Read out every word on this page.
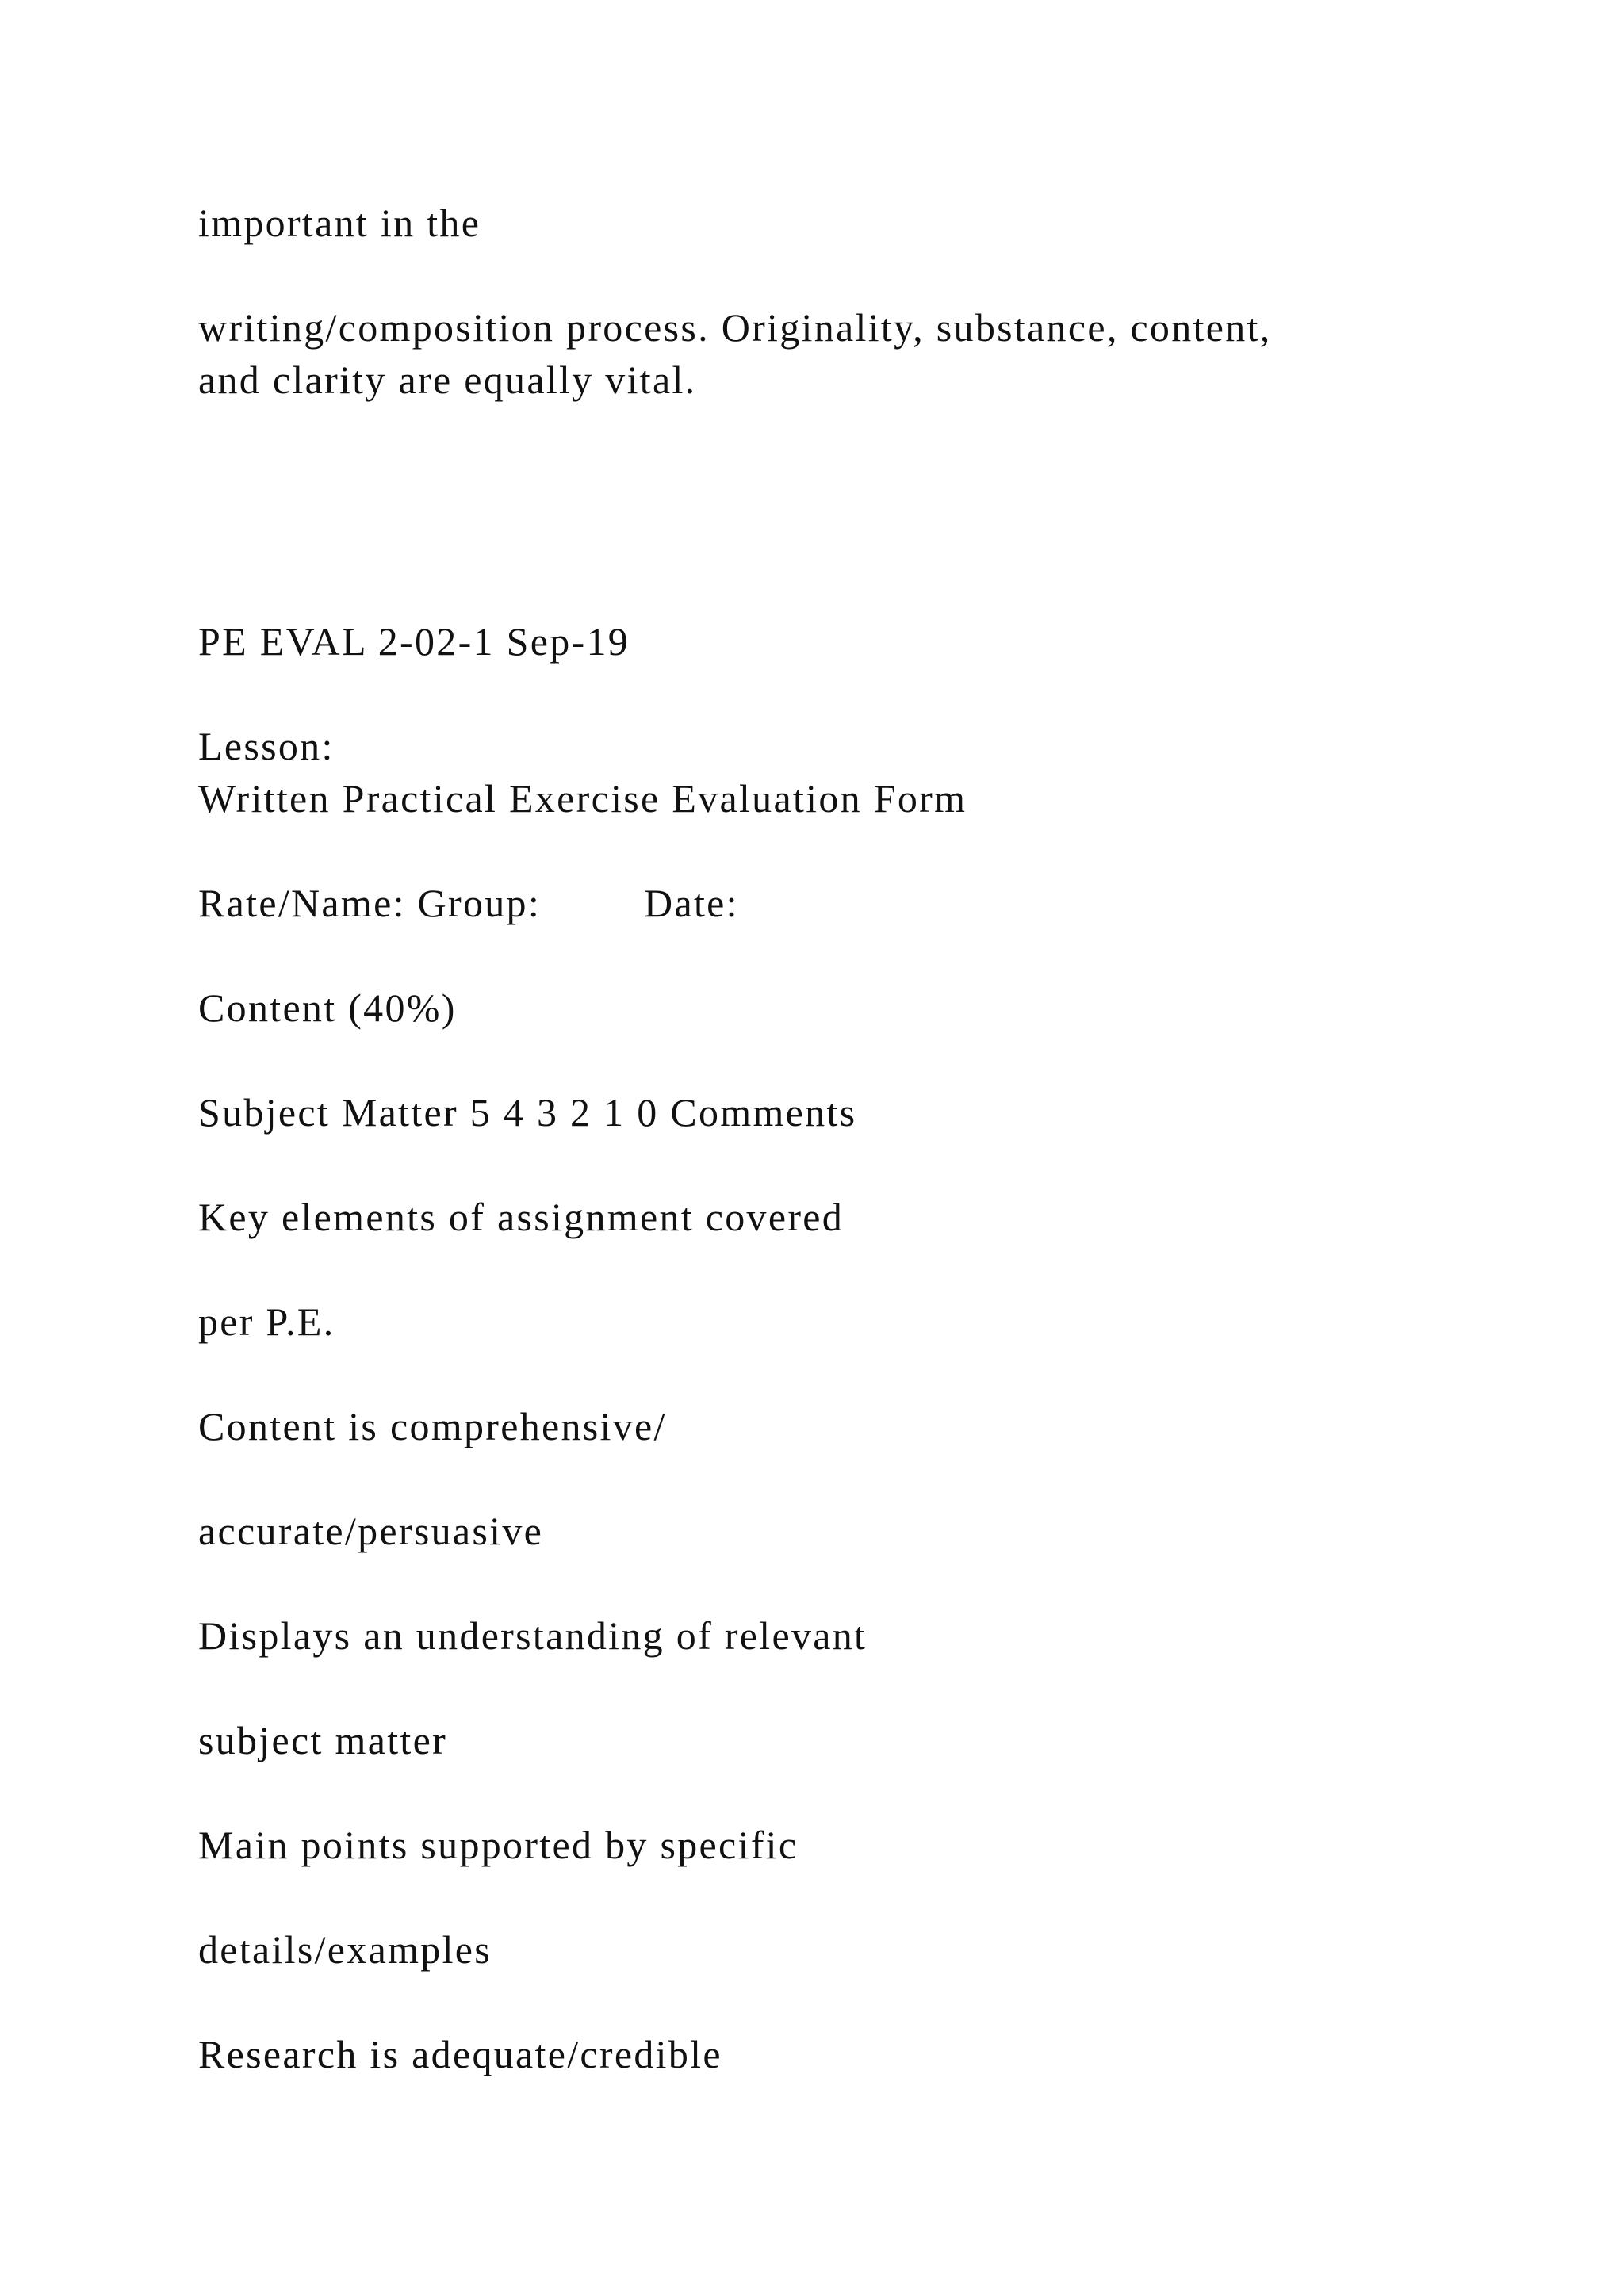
important in the
writing/composition process. Originality, substance, content,
and clarity are equally vital.
PE EVAL 2-02-1 Sep-19
Lesson:
Written Practical Exercise Evaluation Form
Rate/Name: Group:	Date:
Content (40%)
Subject Matter 5 4 3 2 1 0 Comments
Key elements of assignment covered
per P.E.
Content is comprehensive/
accurate/persuasive
Displays an understanding of relevant
subject matter
Main points supported by specific
details/examples
Research is adequate/credible
